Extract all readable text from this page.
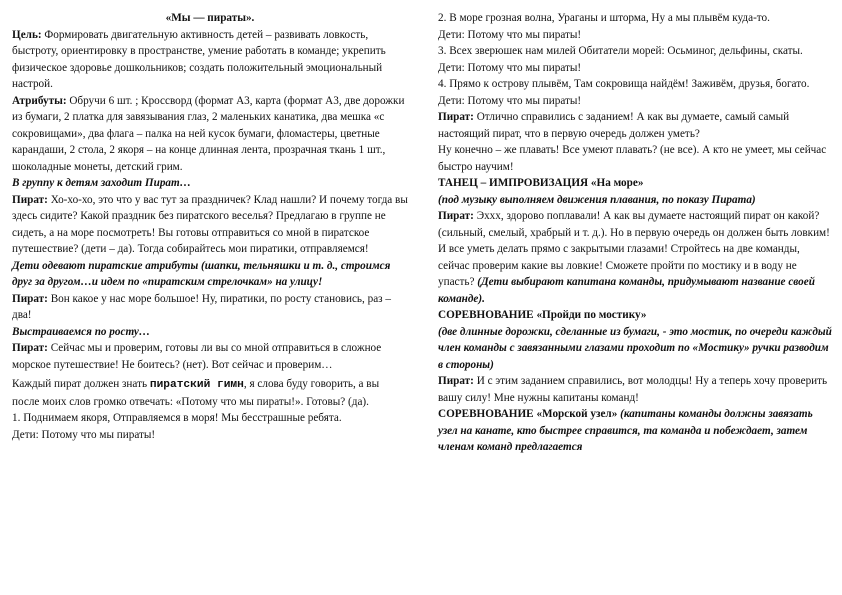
«Мы — пираты».

Цель: Формировать двигательную активность детей – развивать ловкость, быстроту, ориентировку в пространстве, умение работать в команде; укрепить физическое здоровье дошкольников; создать положительный эмоциональный настрой.

Атрибуты: Обручи 6 шт. ; Кроссворд (формат А3, карта (формат А3, две дорожки из бумаги, 2 платка для завязывания глаз, 2 маленьких канатика, два мешка «с сокровищами», два флага – палка на ней кусок бумаги, фломастеры, цветные карандаши, 2 стола, 2 якоря – на конце длинная лента, прозрачная ткань 1 шт., шоколадные монеты, детский грим.

В группу к детям заходит Пират…

Пират: Хо-хо-хо, это что у вас тут за праздничек? Клад нашли? И почему тогда вы здесь сидите? Какой праздник без пиратского веселья? Предлагаю в группе не сидеть, а на море посмотреть! Вы готовы отправиться со мной в пиратское путешествие? (дети – да). Тогда собирайтесь мои пиратики, отправляемся!

Дети одевают пиратские атрибуты (шапки, тельняшки и т. д., строимся друг за другом…и идем по «пиратским стрелочкам» на улицу!

Пират: Вон какое у нас море большое! Ну, пиратики, по росту становись, раз – два!

Выстраиваемся по росту…

Пират: Сейчас мы и проверим, готовы ли вы со мной отправиться в сложное морское путешествие! Не боитесь? (нет). Вот сейчас и проверим…

Каждый пират должен знать пиратский гимн, я слова буду говорить, а вы после моих слов громко отвечать: «Потому что мы пираты!». Готовы? (да).

1. Поднимаем якоря, Отправляемся в моря! Мы бесстрашные ребята.

Дети: Потому что мы пираты!

2. В море грозная волна, Ураганы и шторма, Ну а мы плывём куда-то.

Дети: Потому что мы пираты!

3. Всех зверюшек нам милей Обитатели морей: Осьминог, дельфины, скаты.

Дети: Потому что мы пираты!

4. Прямо к острову плывём, Там сокровища найдём! Заживём, друзья, богато.

Дети: Потому что мы пираты!

Пират: Отлично справились с заданием! А как вы думаете, самый самый настоящий пират, что в первую очередь должен уметь?

Ну конечно – же плавать! Все умеют плавать? (не все). А кто не умеет, мы сейчас быстро научим!

ТАНЕЦ – ИМПРОВИЗАЦИЯ «На море»

(под музыку выполняем движения плавания, по показу Пирата)

Пират: Эххх, здорово поплавали! А как вы думаете настоящий пират он какой? (сильный, смелый, храбрый и т. д.). Но в первую очередь он должен быть ловким! И все уметь делать прямо с закрытыми глазами! Стройтесь на две команды, сейчас проверим какие вы ловкие! Сможете пройти по мостику и в воду не упасть? (Дети выбирают капитана команды, придумывают название своей команде).

СОРЕВНОВАНИЕ «Пройди по мостику»

(две длинные дорожки, сделанные из бумаги, - это мостик, по очереди каждый член команды с завязанными глазами проходит по «Мостику» ручки разводим в стороны)

Пират: И с этим заданием справились, вот молодцы! Ну а теперь хочу проверить вашу силу! Мне нужны капитаны команд!

СОРЕВНОВАНИЕ «Морской узел» (капитаны команды должны завязать узел на канате, кто быстрее справится, та команда и побеждает, затем членам команд предлагается
